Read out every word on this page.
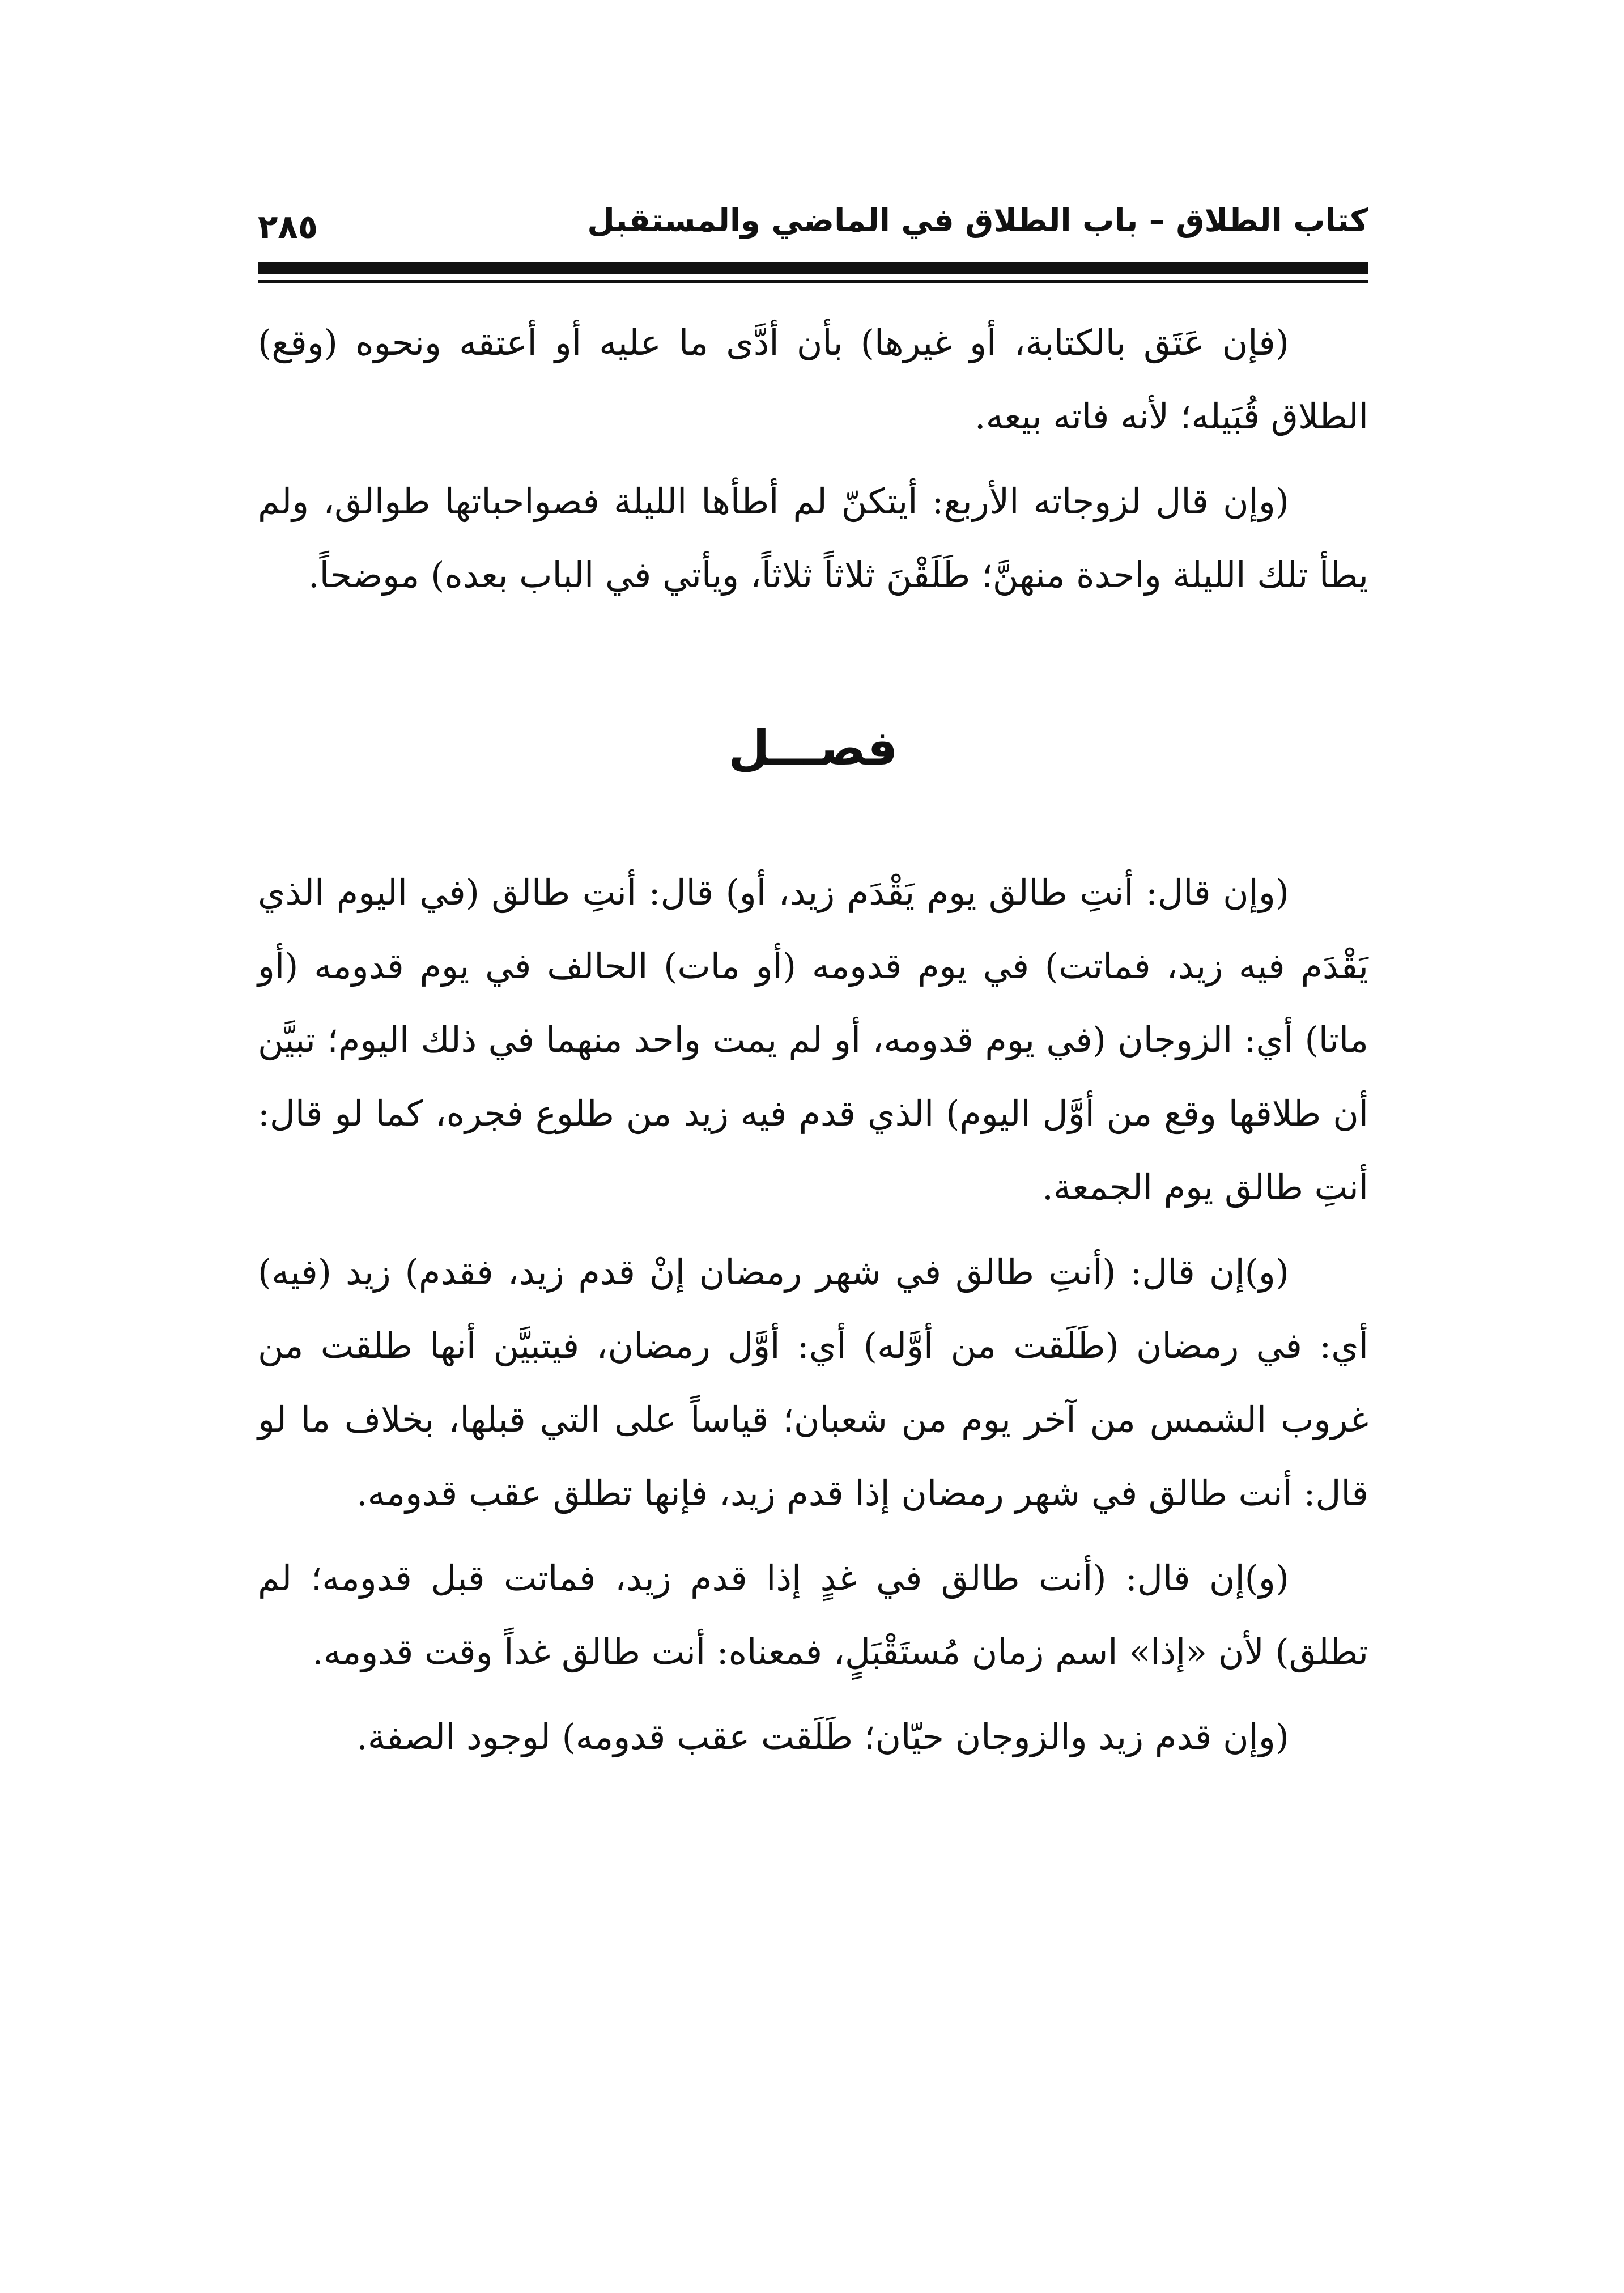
كتاب الطلاق – باب الطلاق في الماضي والمستقبل
٢٨٥

(فإن عَتَق بالكتابة، أو غيرها) بأن أدَّى ما عليه أو أعتقه ونحوه (وقع) الطلاق قُبَيله؛ لأنه فاته بيعه.

(وإن قال لزوجاته الأربع: أيتكنّ لم أطأها الليلة فصواحباتها طوالق، ولم يطأ تلك الليلة واحدة منهنَّ؛ طَلَقْنَ ثلاثاً ثلاثاً، ويأتي في الباب بعده) موضحاً.

فصـــل

(وإن قال: أنتِ طالق يوم يَقْدَم زيد، أو) قال: أنتِ طالق (في اليوم الذي يَقْدَم فيه زيد، فماتت) في يوم قدومه (أو مات) الحالف في يوم قدومه (أو ماتا) أي: الزوجان (في يوم قدومه، أو لم يمت واحد منهما في ذلك اليوم؛ تبيَّن أن طلاقها وقع من أوَّل اليوم) الذي قدم فيه زيد من طلوع فجره، كما لو قال: أنتِ طالق يوم الجمعة.

(و)إن قال: (أنتِ طالق في شهر رمضان إنْ قدم زيد، فقدم) زيد (فيه) أي: في رمضان (طَلَقت من أوَّله) أي: أوَّل رمضان، فيتبيَّن أنها طلقت من غروب الشمس من آخر يوم من شعبان؛ قياساً على التي قبلها، بخلاف ما لو قال: أنت طالق في شهر رمضان إذا قدم زيد، فإنها تطلق عقب قدومه.

(و)إن قال: (أنت طالق في غدٍ إذا قدم زيد، فماتت قبل قدومه؛ لم تطلق) لأن «إذا» اسم زمان مُستَقْبَلٍ، فمعناه: أنت طالق غداً وقت قدومه.

(وإن قدم زيد والزوجان حيّان؛ طَلَقت عقب قدومه) لوجود الصفة.
